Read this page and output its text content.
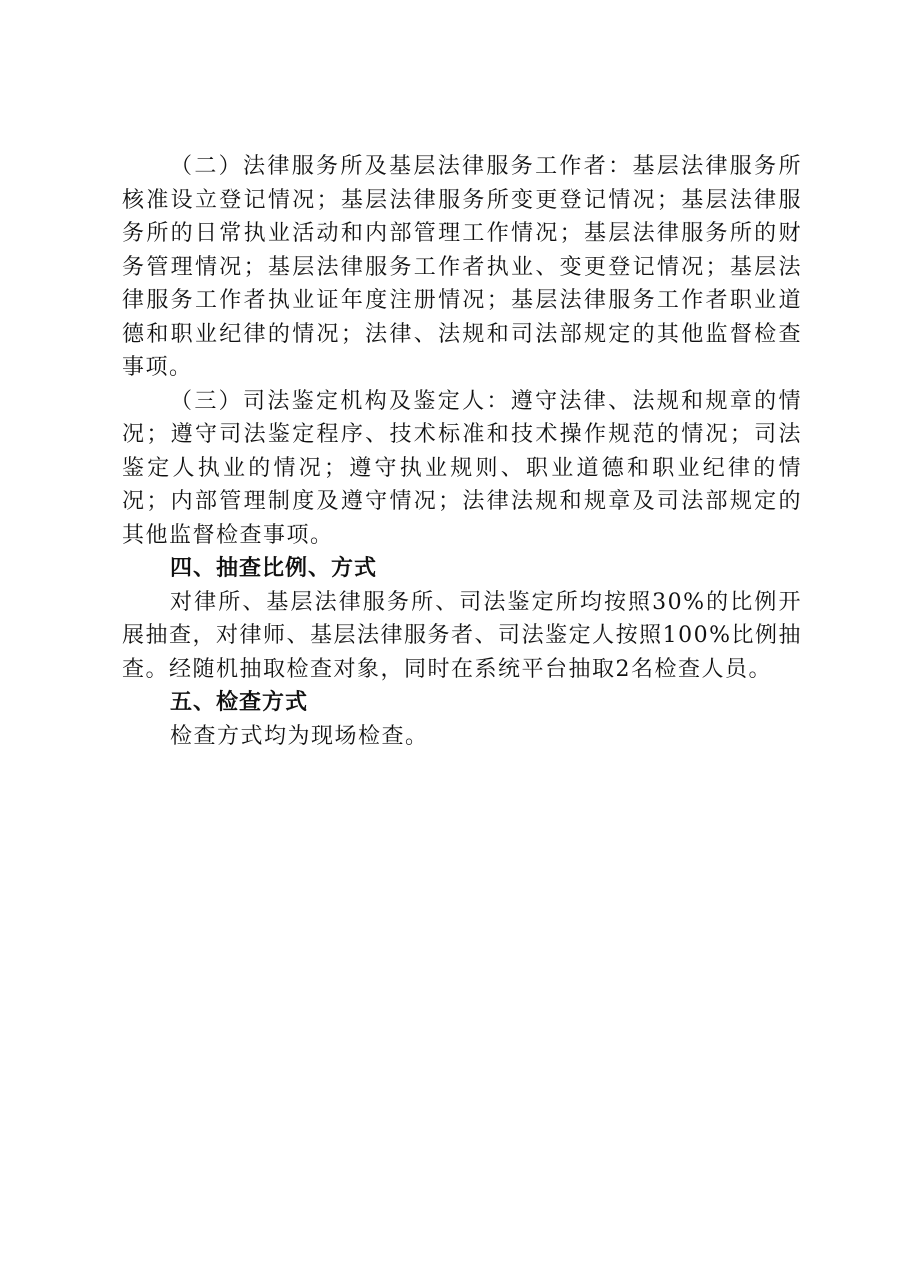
（二）法律服务所及基层法律服务工作者：基层法律服务所核准设立登记情况；基层法律服务所变更登记情况；基层法律服务所的日常执业活动和内部管理工作情况；基层法律服务所的财务管理情况；基层法律服务工作者执业、变更登记情况；基层法律服务工作者执业证年度注册情况；基层法律服务工作者职业道德和职业纪律的情况；法律、法规和司法部规定的其他监督检查事项。

（三）司法鉴定机构及鉴定人：遵守法律、法规和规章的情况；遵守司法鉴定程序、技术标准和技术操作规范的情况；司法鉴定人执业的情况；遵守执业规则、职业道德和职业纪律的情况；内部管理制度及遵守情况；法律法规和规章及司法部规定的其他监督检查事项。

四、抽查比例、方式

对律所、基层法律服务所、司法鉴定所均按照30%的比例开展抽查，对律师、基层法律服务者、司法鉴定人按照100%比例抽查。经随机抽取检查对象，同时在系统平台抽取2名检查人员。

五、检查方式

检查方式均为现场检查。
